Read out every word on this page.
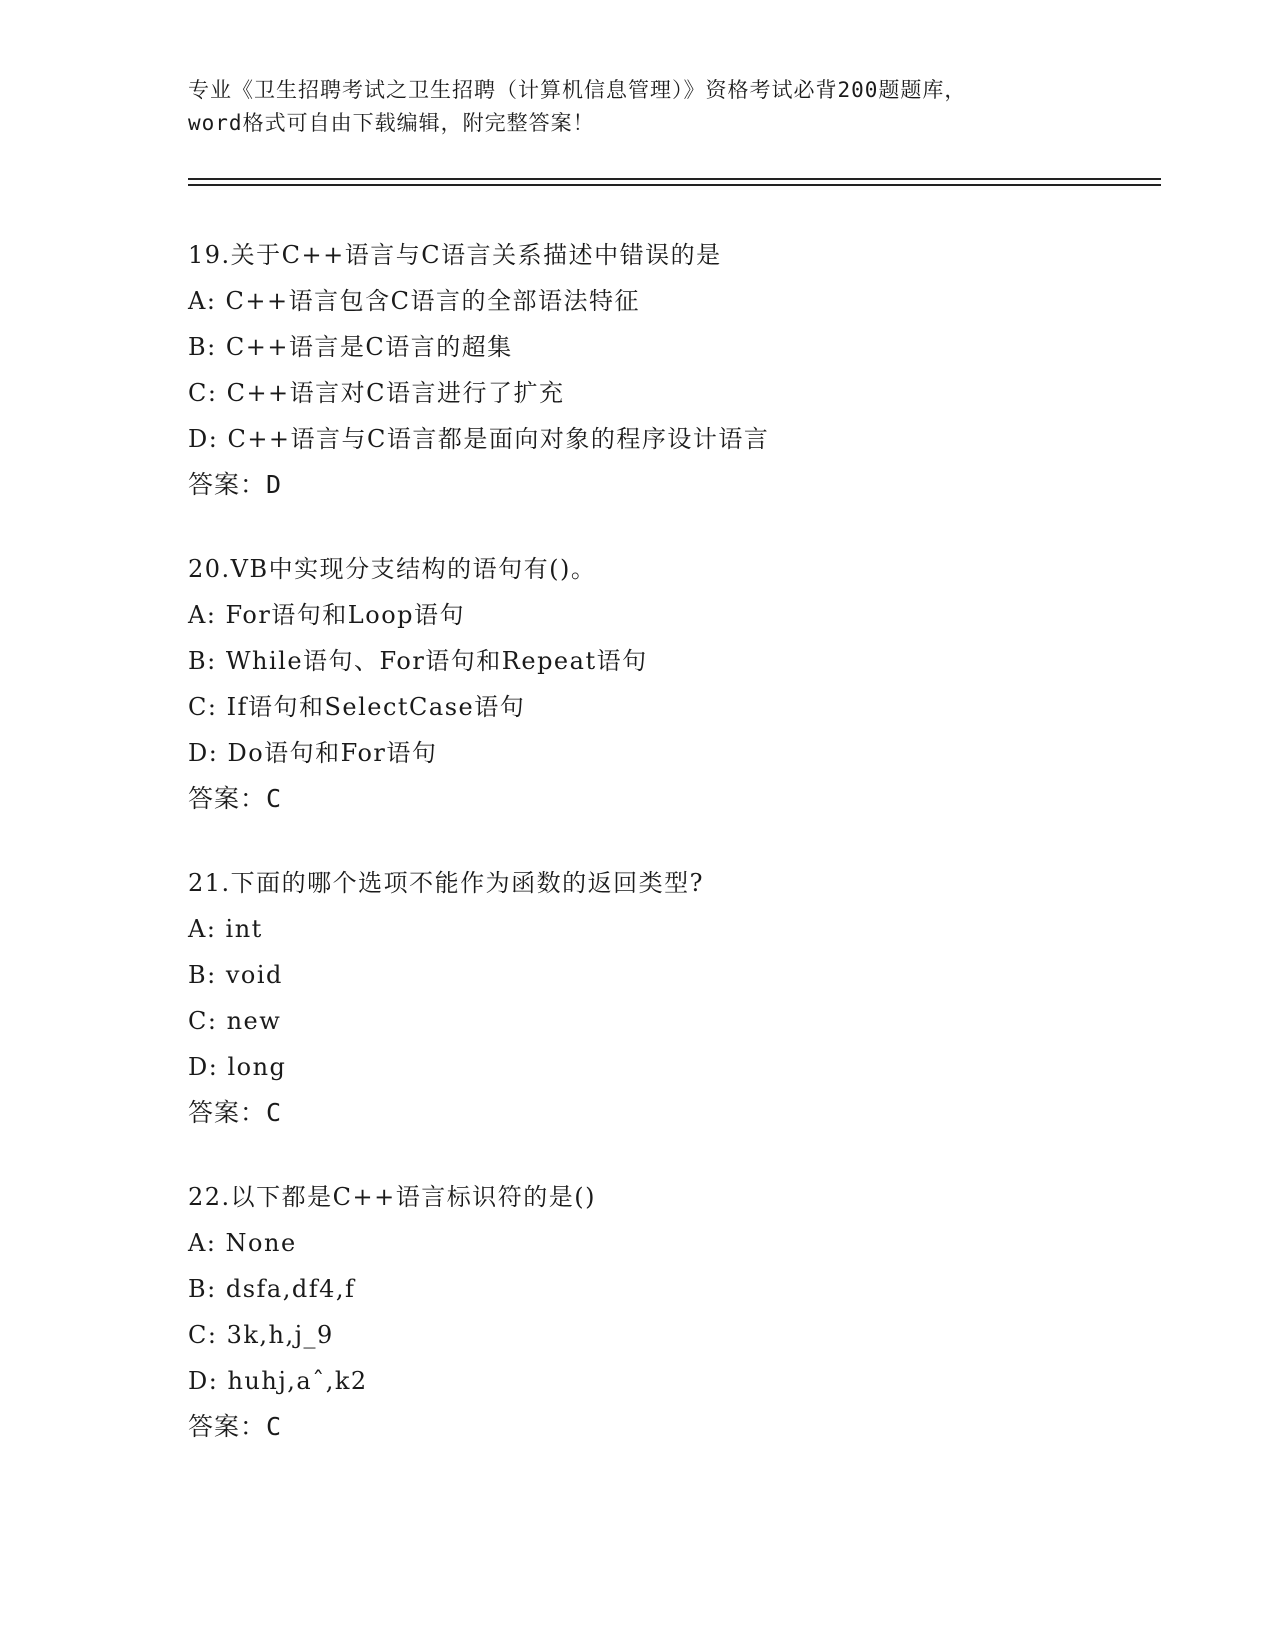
专业《卫生招聘考试之卫生招聘（计算机信息管理）》资格考试必背200题题库，
word格式可自由下载编辑，附完整答案！
19.关于C++语言与C语言关系描述中错误的是
A: C++语言包含C语言的全部语法特征
B: C++语言是C语言的超集
C: C++语言对C语言进行了扩充
D: C++语言与C语言都是面向对象的程序设计语言
答案：D
20.VB中实现分支结构的语句有()。
A: For语句和Loop语句
B: While语句、For语句和Repeat语句
C: If语句和SelectCase语句
D: Do语句和For语句
答案：C
21.下面的哪个选项不能作为函数的返回类型?
A: int
B: void
C: new
D: long
答案：C
22.以下都是C++语言标识符的是()
A: None
B: dsfa,df4,f
C: 3k,h,j_9
D: huhj,aˆ,k2
答案：C
